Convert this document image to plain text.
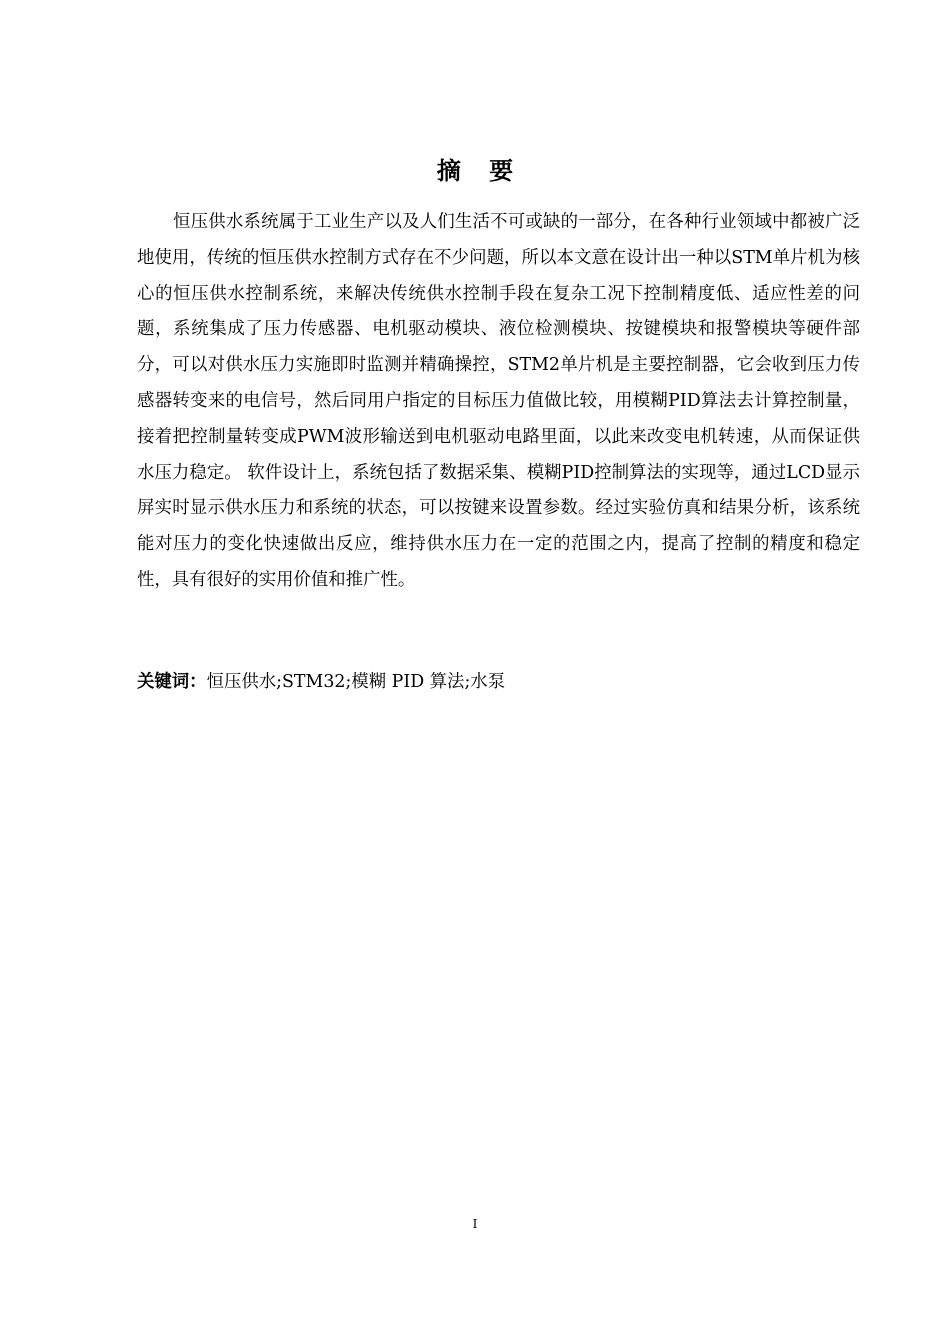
摘 要

恒压供水系统属于工业生产以及人们生活不可或缺的一部分，在各种行业领域中都被广泛地使用，传统的恒压供水控制方式存在不少问题，所以本文意在设计出一种以STM单片机为核心的恒压供水控制系统，来解决传统供水控制手段在复杂工况下控制精度低、适应性差的问题，系统集成了压力传感器、电机驱动模块、液位检测模块、按键模块和报警模块等硬件部分，可以对供水压力实施即时监测并精确操控，STM2单片机是主要控制器，它会收到压力传感器转变来的电信号，然后同用户指定的目标压力值做比较，用模糊PID算法去计算控制量，接着把控制量转变成PWM波形输送到电机驱动电路里面，以此来改变电机转速，从而保证供水压力稳定。 软件设计上，系统包括了数据采集、模糊PID控制算法的实现等，通过LCD显示屏实时显示供水压力和系统的状态，可以按键来设置参数。经过实验仿真和结果分析，该系统能对压力的变化快速做出反应，维持供水压力在一定的范围之内，提高了控制的精度和稳定性，具有很好的实用价值和推广性。

关键词：恒压供水;STM32;模糊 PID 算法;水泵

I
